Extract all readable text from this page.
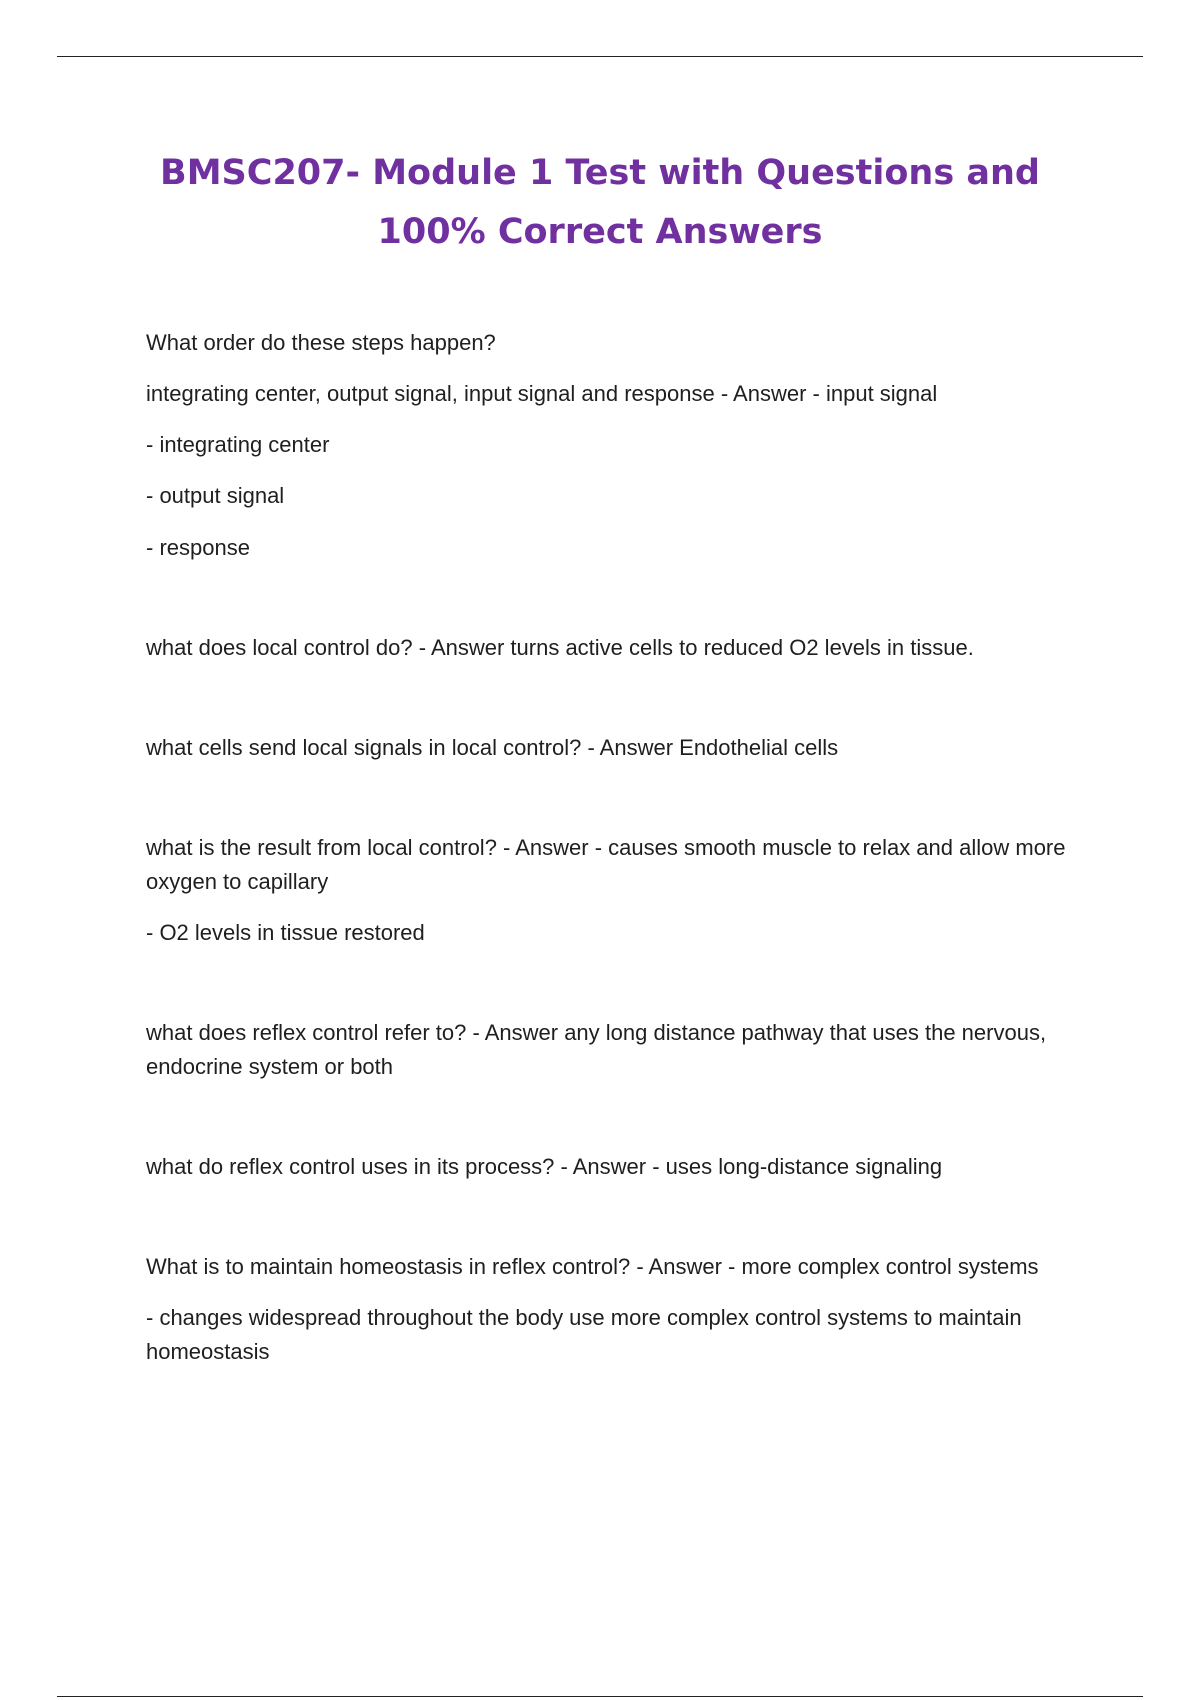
BMSC207- Module 1 Test with Questions and 100% Correct Answers

What order do these steps happen?

integrating center, output signal, input signal and response - Answer - input signal

- integrating center

- output signal

- response

what does local control do? - Answer turns active cells to reduced O2 levels in tissue.

what cells send local signals in local control? - Answer Endothelial cells

what is the result from local control? - Answer - causes smooth muscle to relax and allow more oxygen to capillary

- O2 levels in tissue restored

what does reflex control refer to? - Answer any long distance pathway that uses the nervous, endocrine system or both

what do reflex control uses in its process? - Answer - uses long-distance signaling

What is to maintain homeostasis in reflex control? - Answer - more complex control systems

- changes widespread throughout the body use more complex control systems to maintain homeostasis
